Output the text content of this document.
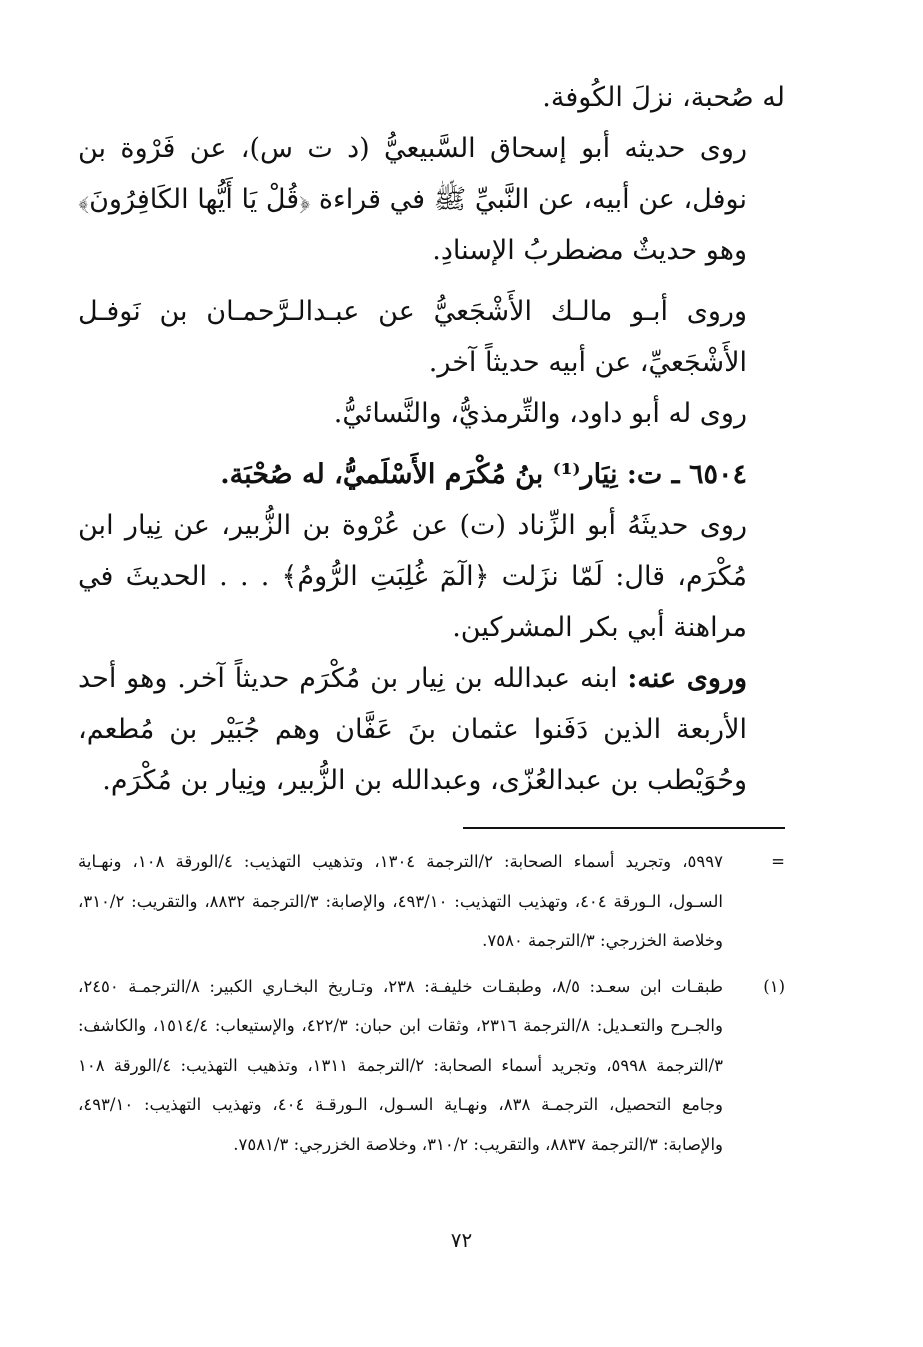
له صُحبة، نزلَ الكُوفة.

روى حديثه أبو إسحاق السَّبيعيُّ (د ت س)، عن فَرْوة بن نوفل، عن أبيه، عن النَّبيِّ ﷺ في قراءة ﴿قُلْ يَا أَيُّها الكَافِرُونَ﴾ وهو حديثٌ مضطربُ الإسنادِ.

وروى أبـو مالـك الأَشْجَعيُّ عن عبـدالـرَّحمـان بن نَوفـل الأَشْجَعيِّ، عن أبيه حديثاً آخر.

روى له أبو داود، والتِّرمذيُّ، والنَّسائيُّ.

٦٥٠٤ ـ ت: نِيَار⁽¹⁾ بنُ مُكْرَم الأَسْلَميُّ، له صُحْبَة.

روى حديثَهُ أبو الزِّناد (ت) عن عُرْوة بن الزُّبير، عن نِيار ابن مُكْرَم، قال: لَمّا نزَلت ﴿الٓمٓ غُلِبَتِ الرُّومُ﴾ . . . الحديثَ في مراهنة أبي بكر المشركين.

وروى عنه: ابنه عبدالله بن نِيار بن مُكْرَم حديثاً آخر. وهو أحد الأربعة الذين دَفَنوا عثمان بنَ عَفَّان وهم جُبَيْر بن مُطعم، وحُوَيْطب بن عبدالعُزّى، وعبدالله بن الزُّبير، ونِيار بن مُكْرَم.

=
٥٩٩٧، وتجريد أسماء الصحابة: ٢/الترجمة ١٣٠٤، وتذهيب التهذيب: ٤/الورقة ١٠٨، ونهـاية السـول، الـورقة ٤٠٤، وتهذيب التهذيب: ٤٩٣/١٠، والإصابة: ٣/الترجمة ٨٨٣٢، والتقريب: ٣١٠/٢، وخلاصة الخزرجي: ٣/الترجمة ٧٥٨٠.
(١)
طبقـات ابن سعـد: ٨/٥، وطبقـات خليفـة: ٢٣٨، وتـاريخ البخـاري الكبير: ٨/الترجمـة ٢٤٥٠، والجـرح والتعـديل: ٨/الترجمة ٢٣١٦، وثقات ابن حبان: ٤٢٢/٣، والإستيعاب: ١٥١٤/٤، والكاشف: ٣/الترجمة ٥٩٩٨، وتجريد أسماء الصحابة: ٢/الترجمة ١٣١١، وتذهيب التهذيب: ٤/الورقة ١٠٨ وجامع التحصيل، الترجمـة ٨٣٨، ونهـاية السـول، الـورقـة ٤٠٤، وتهذيب التهذيب: ٤٩٣/١٠، والإصابة: ٣/الترجمة ٨٨٣٧، والتقريب: ٣١٠/٢، وخلاصة الخزرجي: ٧٥٨١/٣.
٧٢
